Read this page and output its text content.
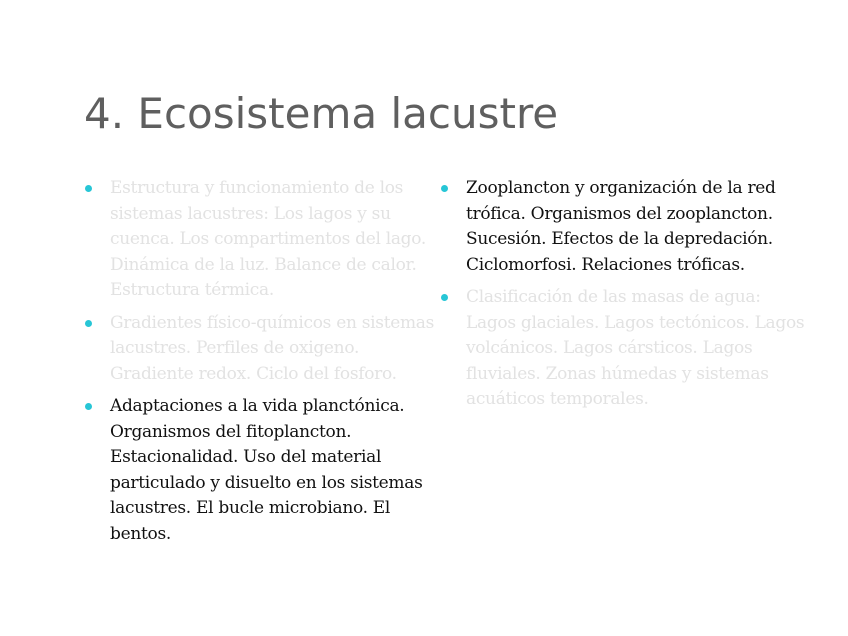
4. Ecosistema lacustre
Estructura y funcionamiento de los sistemas lacustres: Los lagos y su cuenca. Los compartimentos del lago. Dinámica de la luz. Balance de calor. Estructura térmica.
Gradientes físico-químicos en sistemas lacustres. Perfiles de oxigeno. Gradiente redox. Ciclo del fosforo.
Adaptaciones a la vida planctónica. Organismos del fitoplancton. Estacionalidad. Uso del material particulado y disuelto en los sistemas lacustres. El bucle microbiano. El bentos.
Zooplancton y organización de la red trófica. Organismos del zooplancton. Sucesión. Efectos de la depredación. Ciclomorfosi. Relaciones tróficas.
Clasificación de las masas de agua: Lagos glaciales. Lagos tectónicos. Lagos volcánicos. Lagos cársticos. Lagos fluviales. Zonas húmedas y sistemas acuáticos temporales.
